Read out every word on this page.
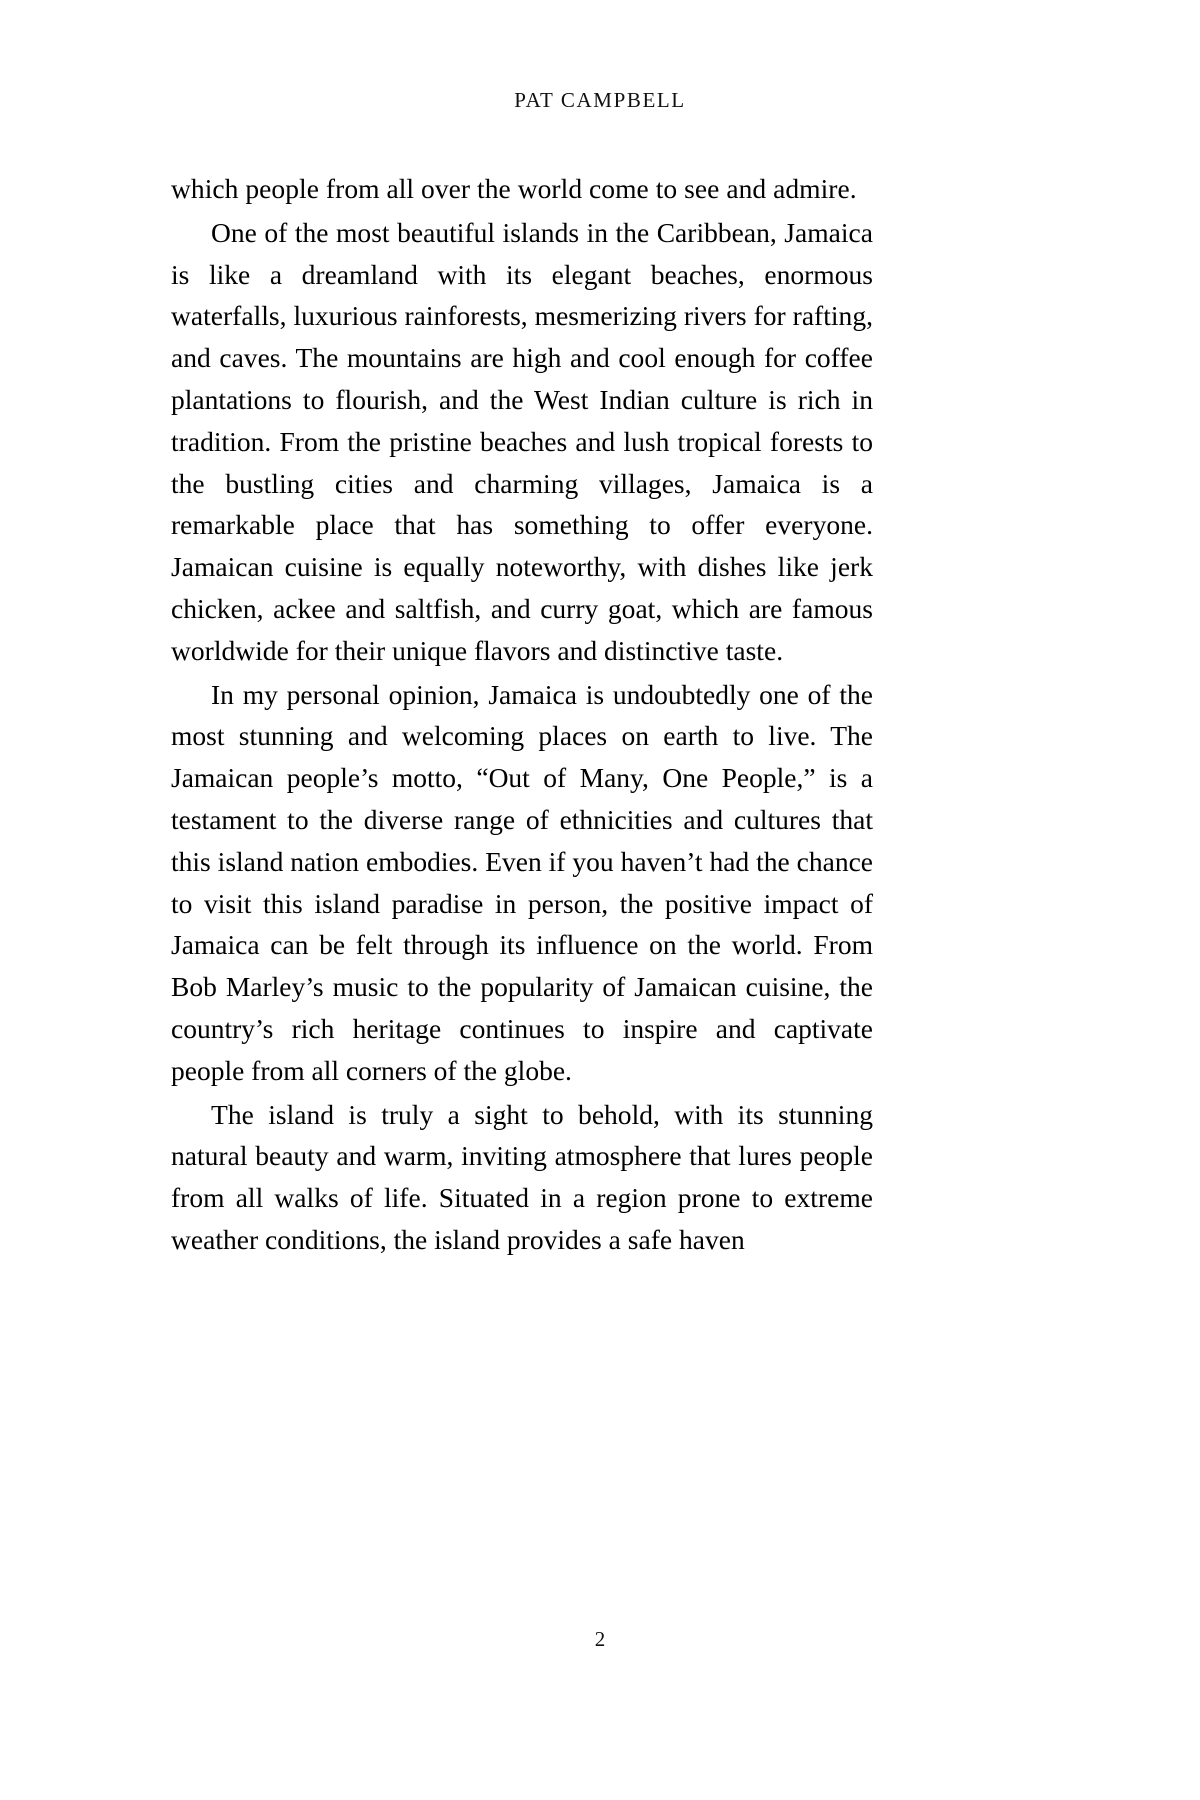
PAT CAMPBELL

which people from all over the world come to see and admire.

One of the most beautiful islands in the Caribbean, Jamaica is like a dreamland with its elegant beaches, enormous waterfalls, luxurious rainforests, mesmerizing rivers for rafting, and caves. The mountains are high and cool enough for coffee plantations to flourish, and the West Indian culture is rich in tradition. From the pristine beaches and lush tropical forests to the bustling cities and charming villages, Jamaica is a remarkable place that has something to offer everyone. Jamaican cuisine is equally noteworthy, with dishes like jerk chicken, ackee and saltfish, and curry goat, which are famous worldwide for their unique flavors and distinctive taste.

In my personal opinion, Jamaica is undoubtedly one of the most stunning and welcoming places on earth to live. The Jamaican people’s motto, “Out of Many, One People,” is a testament to the diverse range of ethnicities and cultures that this island nation embodies. Even if you haven’t had the chance to visit this island paradise in person, the positive impact of Jamaica can be felt through its influence on the world. From Bob Marley’s music to the popularity of Jamaican cuisine, the country’s rich heritage continues to inspire and captivate people from all corners of the globe.

The island is truly a sight to behold, with its stunning natural beauty and warm, inviting atmosphere that lures people from all walks of life. Situated in a region prone to extreme weather conditions, the island provides a safe haven

2
